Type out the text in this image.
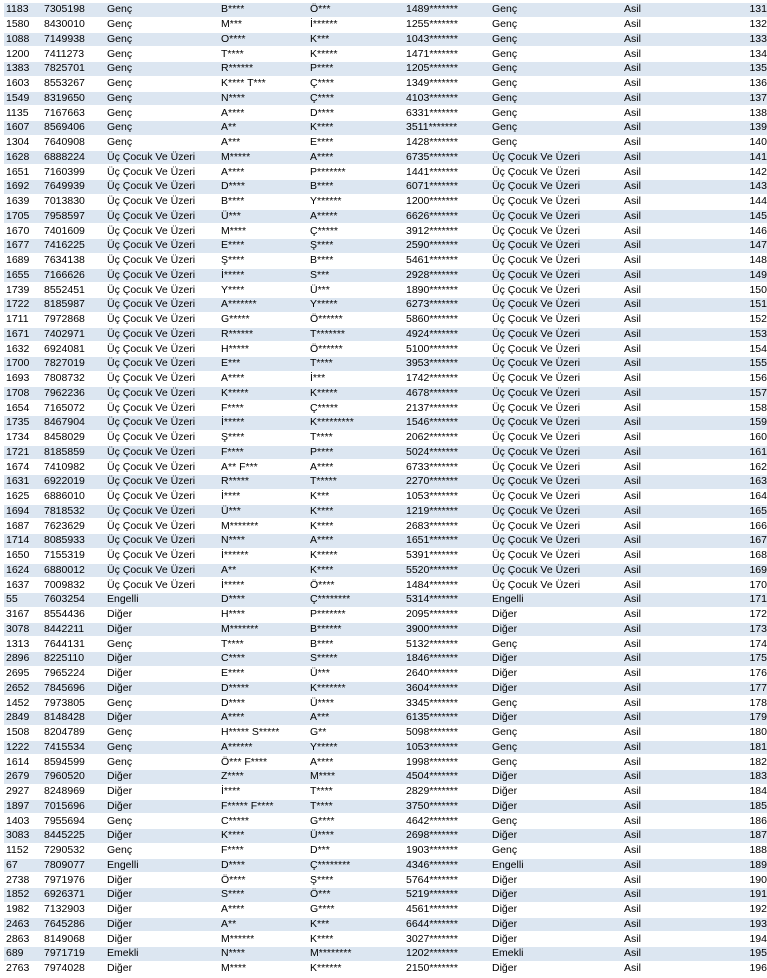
1183	7305198	Genç	B****	Ö***	1489*******	Genç	Asil	131
1580	8430010	Genç	M***	İ******	1255*******	Genç	Asil	132
1088	7149938	Genç	O****	K***	1043*******	Genç	Asil	133
1200	7411273	Genç	T****	K*****	1471*******	Genç	Asil	134
1383	7825701	Genç	R******	P****	1205*******	Genç	Asil	135
1603	8553267	Genç	K**** T***	Ç****	1349*******	Genç	Asil	136
1549	8319650	Genç	N****	Ç****	4103*******	Genç	Asil	137
1135	7167663	Genç	A****	D****	6331*******	Genç	Asil	138
1607	8569406	Genç	A**	K****	3511*******	Genç	Asil	139
1304	7640908	Genç	A***	E****	1428*******	Genç	Asil	140
1628	6888224	Üç Çocuk Ve Üzeri	M*****	A****	6735*******	Üç Çocuk Ve Üzeri	Asil	141
1651	7160399	Üç Çocuk Ve Üzeri	A****	P*******	1441*******	Üç Çocuk Ve Üzeri	Asil	142
1692	7649939	Üç Çocuk Ve Üzeri	D****	B****	6071*******	Üç Çocuk Ve Üzeri	Asil	143
1639	7013830	Üç Çocuk Ve Üzeri	B****	Y******	1200*******	Üç Çocuk Ve Üzeri	Asil	144
1705	7958597	Üç Çocuk Ve Üzeri	Ü***	A*****	6626*******	Üç Çocuk Ve Üzeri	Asil	145
1670	7401609	Üç Çocuk Ve Üzeri	M****	Ç*****	3912*******	Üç Çocuk Ve Üzeri	Asil	146
1677	7416225	Üç Çocuk Ve Üzeri	E****	Ş****	2590*******	Üç Çocuk Ve Üzeri	Asil	147
1689	7634138	Üç Çocuk Ve Üzeri	Ş****	B****	5461*******	Üç Çocuk Ve Üzeri	Asil	148
1655	7166626	Üç Çocuk Ve Üzeri	İ*****	S***	2928*******	Üç Çocuk Ve Üzeri	Asil	149
1739	8552451	Üç Çocuk Ve Üzeri	Y****	Ü***	1890*******	Üç Çocuk Ve Üzeri	Asil	150
1722	8185987	Üç Çocuk Ve Üzeri	A*******	Y*****	6273*******	Üç Çocuk Ve Üzeri	Asil	151
1711	7972868	Üç Çocuk Ve Üzeri	G*****	Ö******	5860*******	Üç Çocuk Ve Üzeri	Asil	152
1671	7402971	Üç Çocuk Ve Üzeri	R******	T*******	4924*******	Üç Çocuk Ve Üzeri	Asil	153
1632	6924081	Üç Çocuk Ve Üzeri	H*****	Ö******	5100*******	Üç Çocuk Ve Üzeri	Asil	154
1700	7827019	Üç Çocuk Ve Üzeri	E***	T****	3953*******	Üç Çocuk Ve Üzeri	Asil	155
1693	7808732	Üç Çocuk Ve Üzeri	A****	İ***	1742*******	Üç Çocuk Ve Üzeri	Asil	156
1708	7962236	Üç Çocuk Ve Üzeri	K*****	K*****	4678*******	Üç Çocuk Ve Üzeri	Asil	157
1654	7165072	Üç Çocuk Ve Üzeri	F****	Ç*****	2137*******	Üç Çocuk Ve Üzeri	Asil	158
1735	8467904	Üç Çocuk Ve Üzeri	İ*****	K*********	1546*******	Üç Çocuk Ve Üzeri	Asil	159
1734	8458029	Üç Çocuk Ve Üzeri	Ş****	T****	2062*******	Üç Çocuk Ve Üzeri	Asil	160
1721	8185859	Üç Çocuk Ve Üzeri	F****	P****	5024*******	Üç Çocuk Ve Üzeri	Asil	161
1674	7410982	Üç Çocuk Ve Üzeri	A** F***	A****	6733*******	Üç Çocuk Ve Üzeri	Asil	162
1631	6922019	Üç Çocuk Ve Üzeri	R*****	T*****	2270*******	Üç Çocuk Ve Üzeri	Asil	163
1625	6886010	Üç Çocuk Ve Üzeri	İ****	K***	1053*******	Üç Çocuk Ve Üzeri	Asil	164
1694	7818532	Üç Çocuk Ve Üzeri	Ü***	K****	1219*******	Üç Çocuk Ve Üzeri	Asil	165
1687	7623629	Üç Çocuk Ve Üzeri	M*******	K****	2683*******	Üç Çocuk Ve Üzeri	Asil	166
1714	8085933	Üç Çocuk Ve Üzeri	N****	A****	1651*******	Üç Çocuk Ve Üzeri	Asil	167
1650	7155319	Üç Çocuk Ve Üzeri	İ******	K*****	5391*******	Üç Çocuk Ve Üzeri	Asil	168
1624	6880012	Üç Çocuk Ve Üzeri	A**	K****	5520*******	Üç Çocuk Ve Üzeri	Asil	169
1637	7009832	Üç Çocuk Ve Üzeri	İ*****	Ö****	1484*******	Üç Çocuk Ve Üzeri	Asil	170
55	7603254	Engelli	D****	Ç********	5314*******	Engelli	Asil	171
3167	8554436	Diğer	H****	P*******	2095*******	Diğer	Asil	172
3078	8442211	Diğer	M*******	B******	3900*******	Diğer	Asil	173
1313	7644131	Genç	T****	B****	5132*******	Genç	Asil	174
2896	8225110	Diğer	C****	S*****	1846*******	Diğer	Asil	175
2695	7965224	Diğer	E****	Ü***	2640*******	Diğer	Asil	176
2652	7845696	Diğer	D*****	K*******	3604*******	Diğer	Asil	177
1452	7973805	Genç	D****	Ü****	3345*******	Genç	Asil	178
2849	8148428	Diğer	A****	A***	6135*******	Diğer	Asil	179
1508	8204789	Genç	H***** S*****	G**	5098*******	Genç	Asil	180
1222	7415534	Genç	A******	Y*****	1053*******	Genç	Asil	181
1614	8594599	Genç	Ö*** F****	A****	1998*******	Genç	Asil	182
2679	7960520	Diğer	Z****	M****	4504*******	Diğer	Asil	183
2927	8248969	Diğer	İ****	T****	2829*******	Diğer	Asil	184
1897	7015696	Diğer	F***** F****	T****	3750*******	Diğer	Asil	185
1403	7955694	Genç	C*****	G****	4642*******	Genç	Asil	186
3083	8445225	Diğer	K****	Ü****	2698*******	Diğer	Asil	187
1152	7290532	Genç	F****	D***	1903*******	Genç	Asil	188
67	7809077	Engelli	D****	Ç********	4346*******	Engelli	Asil	189
2738	7971976	Diğer	Ö****	Ş****	5764*******	Diğer	Asil	190
1852	6926371	Diğer	S****	Ö***	5219*******	Diğer	Asil	191
1982	7132903	Diğer	A****	G****	4561*******	Diğer	Asil	192
2463	7645286	Diğer	A**	K***	6644*******	Diğer	Asil	193
2863	8149068	Diğer	M******	K****	3027*******	Diğer	Asil	194
689	7971719	Emekli	N****	M********	1202*******	Emekli	Asil	195
2763	7974028	Diğer	M****	K******	2150*******	Diğer	Asil	196
